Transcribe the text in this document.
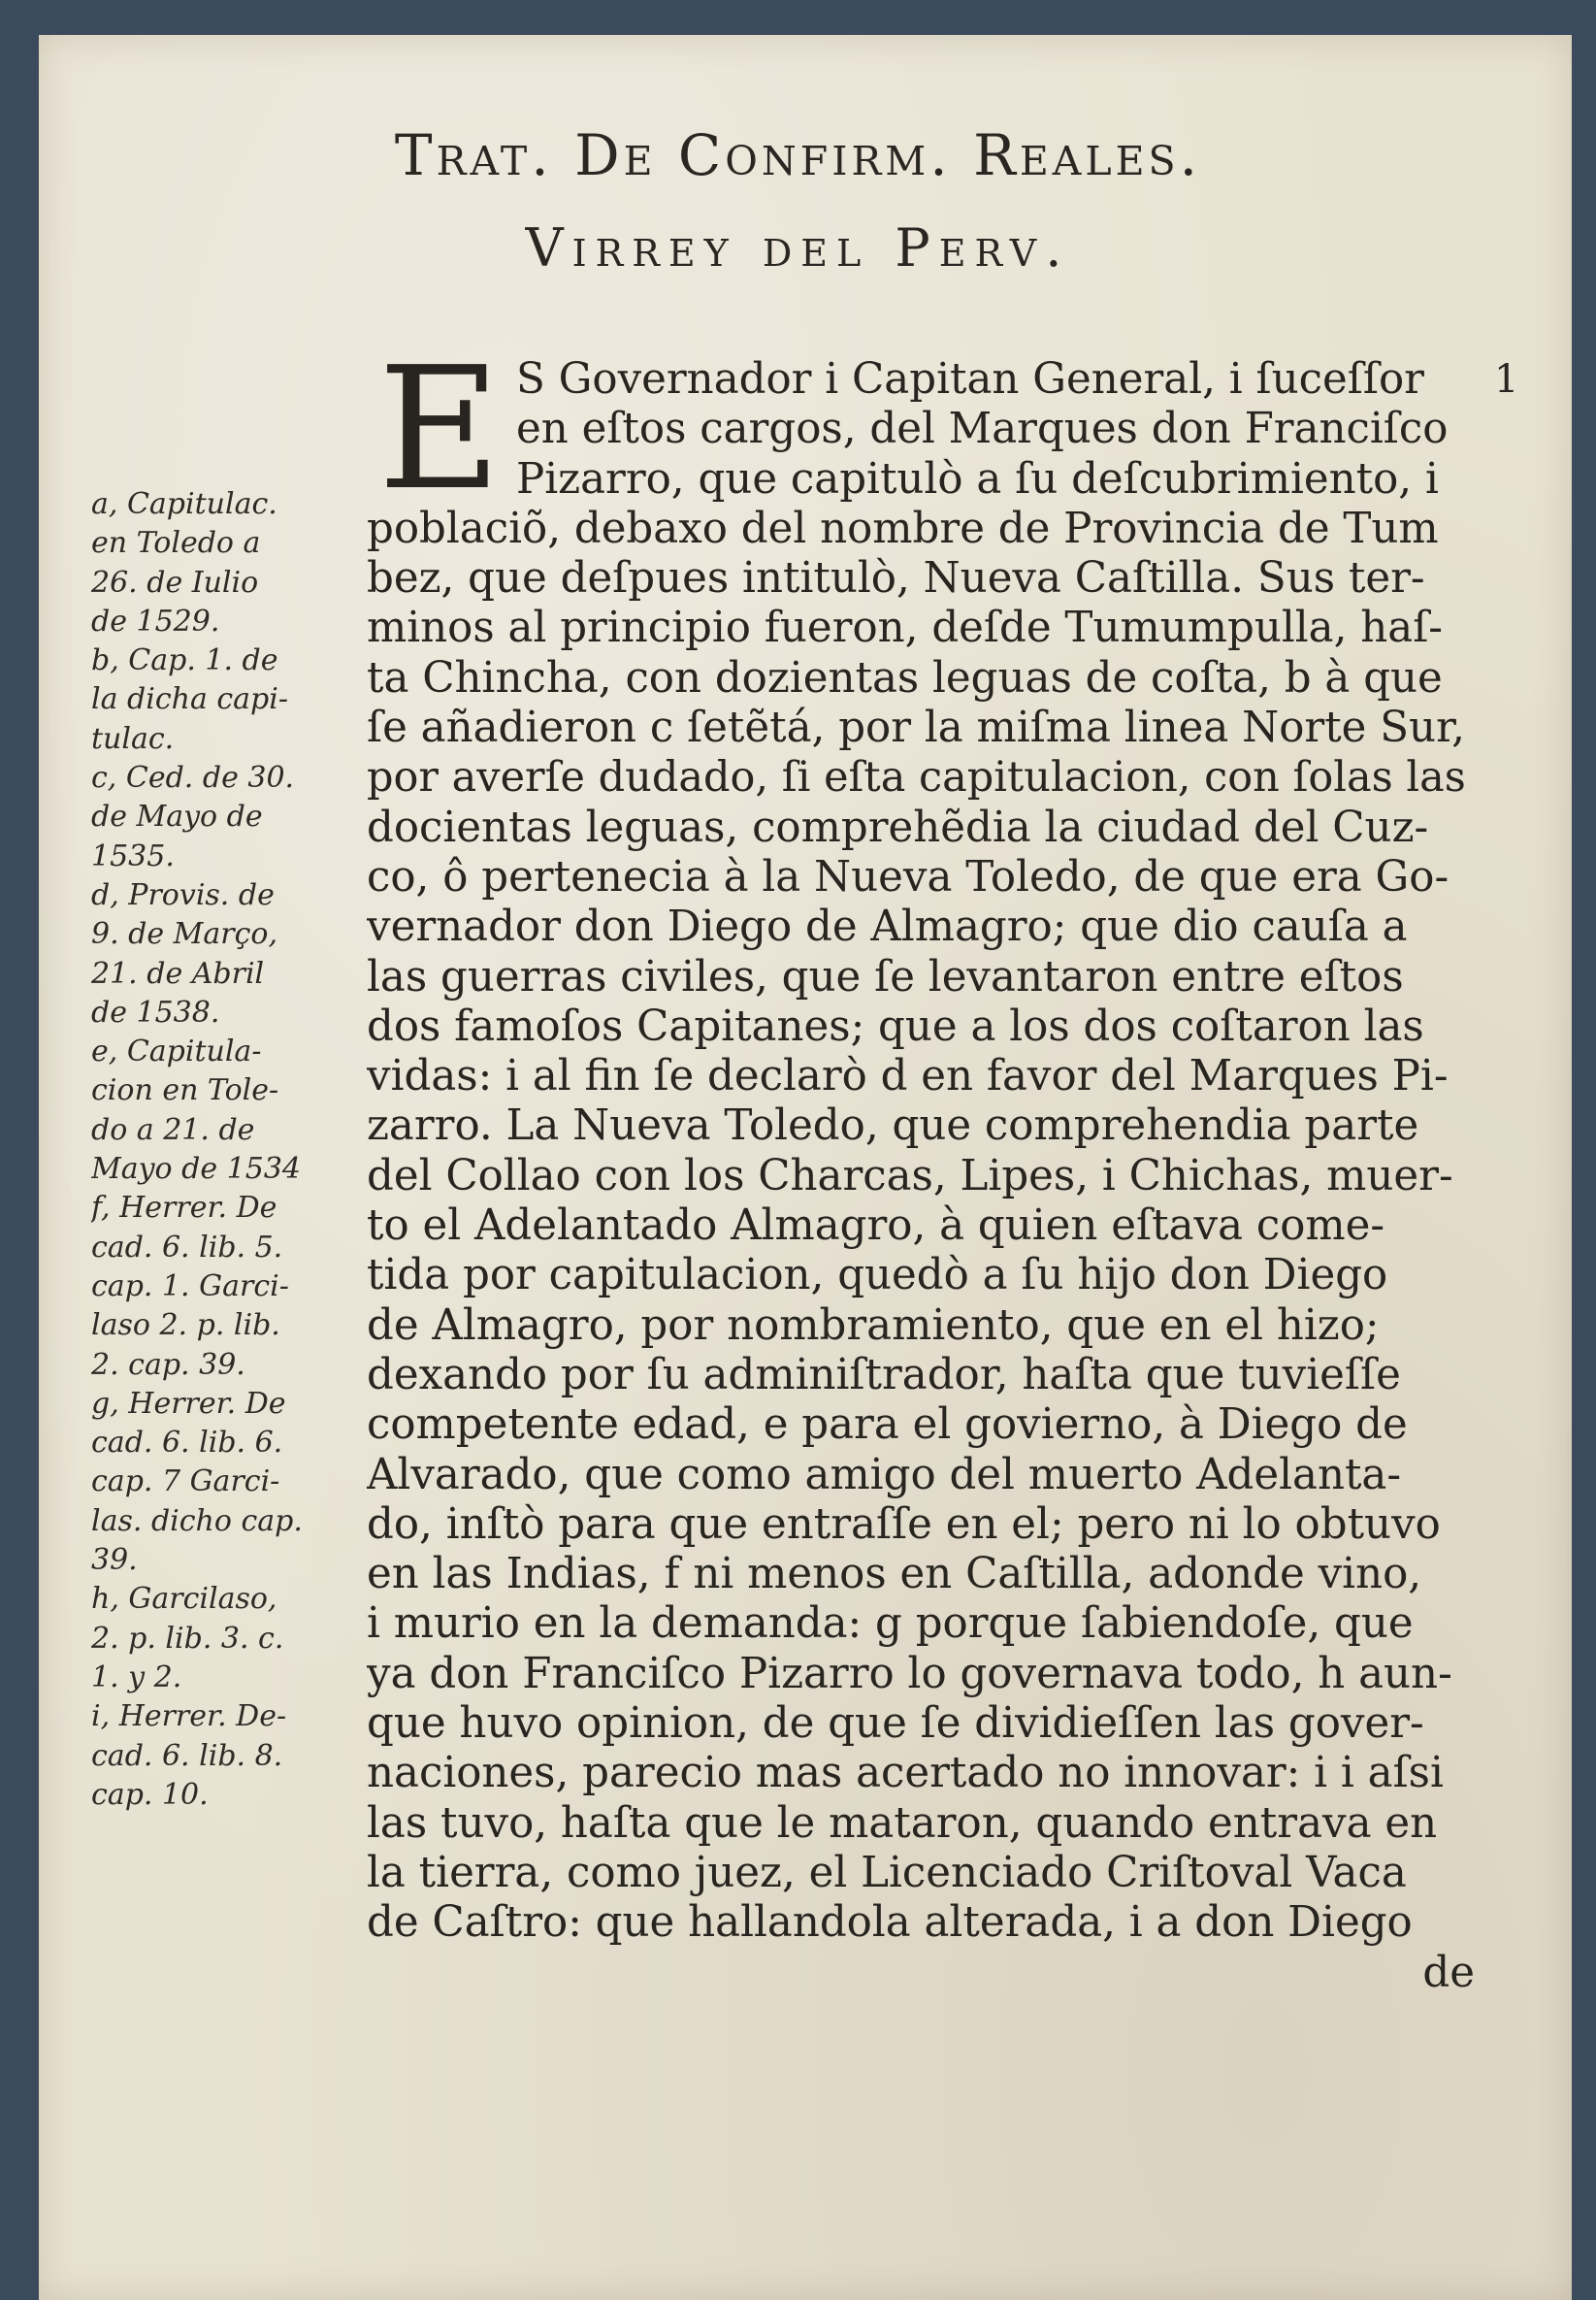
Trat. De Confirm. Reales.
Virrey del Perv.
1
E S Governador i Capitan General, i ſuceſſor
en eſtos cargos, del Marques don Franciſco
Pizarro, que capitulò a ſu deſcubrimiento, i
poblaciõ, debaxo del nombre de Provincia de Tum
bez, que deſpues intitulò, Nueva Caſtilla. Sus ter-
minos al principio fueron, deſde Tumumpulla, haſ-
ta Chincha, con dozientas leguas de coſta, b à que
ſe añadieron c ſetẽtá, por la miſma linea Norte Sur,
por averſe dudado, ſi eſta capitulacion, con ſolas las
docientas leguas, comprehẽdia la ciudad del Cuz-
co, ô pertenecia à la Nueva Toledo, de que era Go-
vernador don Diego de Almagro; que dio cauſa a
las guerras civiles, que ſe levantaron entre eſtos
dos famoſos Capitanes; que a los dos coſtaron las
vidas: i al fin ſe declarò d en favor del Marques Pi-
zarro. La Nueva Toledo, que comprehendia parte
del Collao con los Charcas, Lipes, i Chichas, muer-
to el Adelantado Almagro, à quien eſtava come-
tida por capitulacion, quedò a ſu hijo don Diego
de Almagro, por nombramiento, que en el hizo;
dexando por ſu adminiſtrador, haſta que tuvieſſe
competente edad, e para el govierno, à Diego de
Alvarado, que como amigo del muerto Adelanta-
do, inſtò para que entraſſe en el; pero ni lo obtuvo
en las Indias, f ni menos en Caſtilla, adonde vino,
i murio en la demanda: g porque ſabiendoſe, que
ya don Franciſco Pizarro lo governava todo, h aun-
que huvo opinion, de que ſe dividieſſen las gover-
naciones, parecio mas acertado no innovar: i i aſsi
las tuvo, haſta que le mataron, quando entrava en
la tierra, como juez, el Licenciado Criſtoval Vaca
de Caſtro: que hallandola alterada, i a don Diego
de
a, Capitulac.
en Toledo a
26. de Iulio
de 1529.
b, Cap. 1. de
la dicha capi-
tulac.
c, Ced. de 30.
de Mayo de
1535.
d, Provis. de
9. de Março,
21. de Abril
de 1538.
e, Capitula-
cion en Tole-
do a 21. de
Mayo de 1534
f, Herrer. De
cad. 6. lib. 5.
cap. 1. Garci-
laso 2. p. lib.
2. cap. 39.
g, Herrer. De
cad. 6. lib. 6.
cap. 7 Garci-
las. dicho cap.
39.
h, Garcilaso,
2. p. lib. 3. c.
1. y 2.
i, Herrer. De-
cad. 6. lib. 8.
cap. 10.
